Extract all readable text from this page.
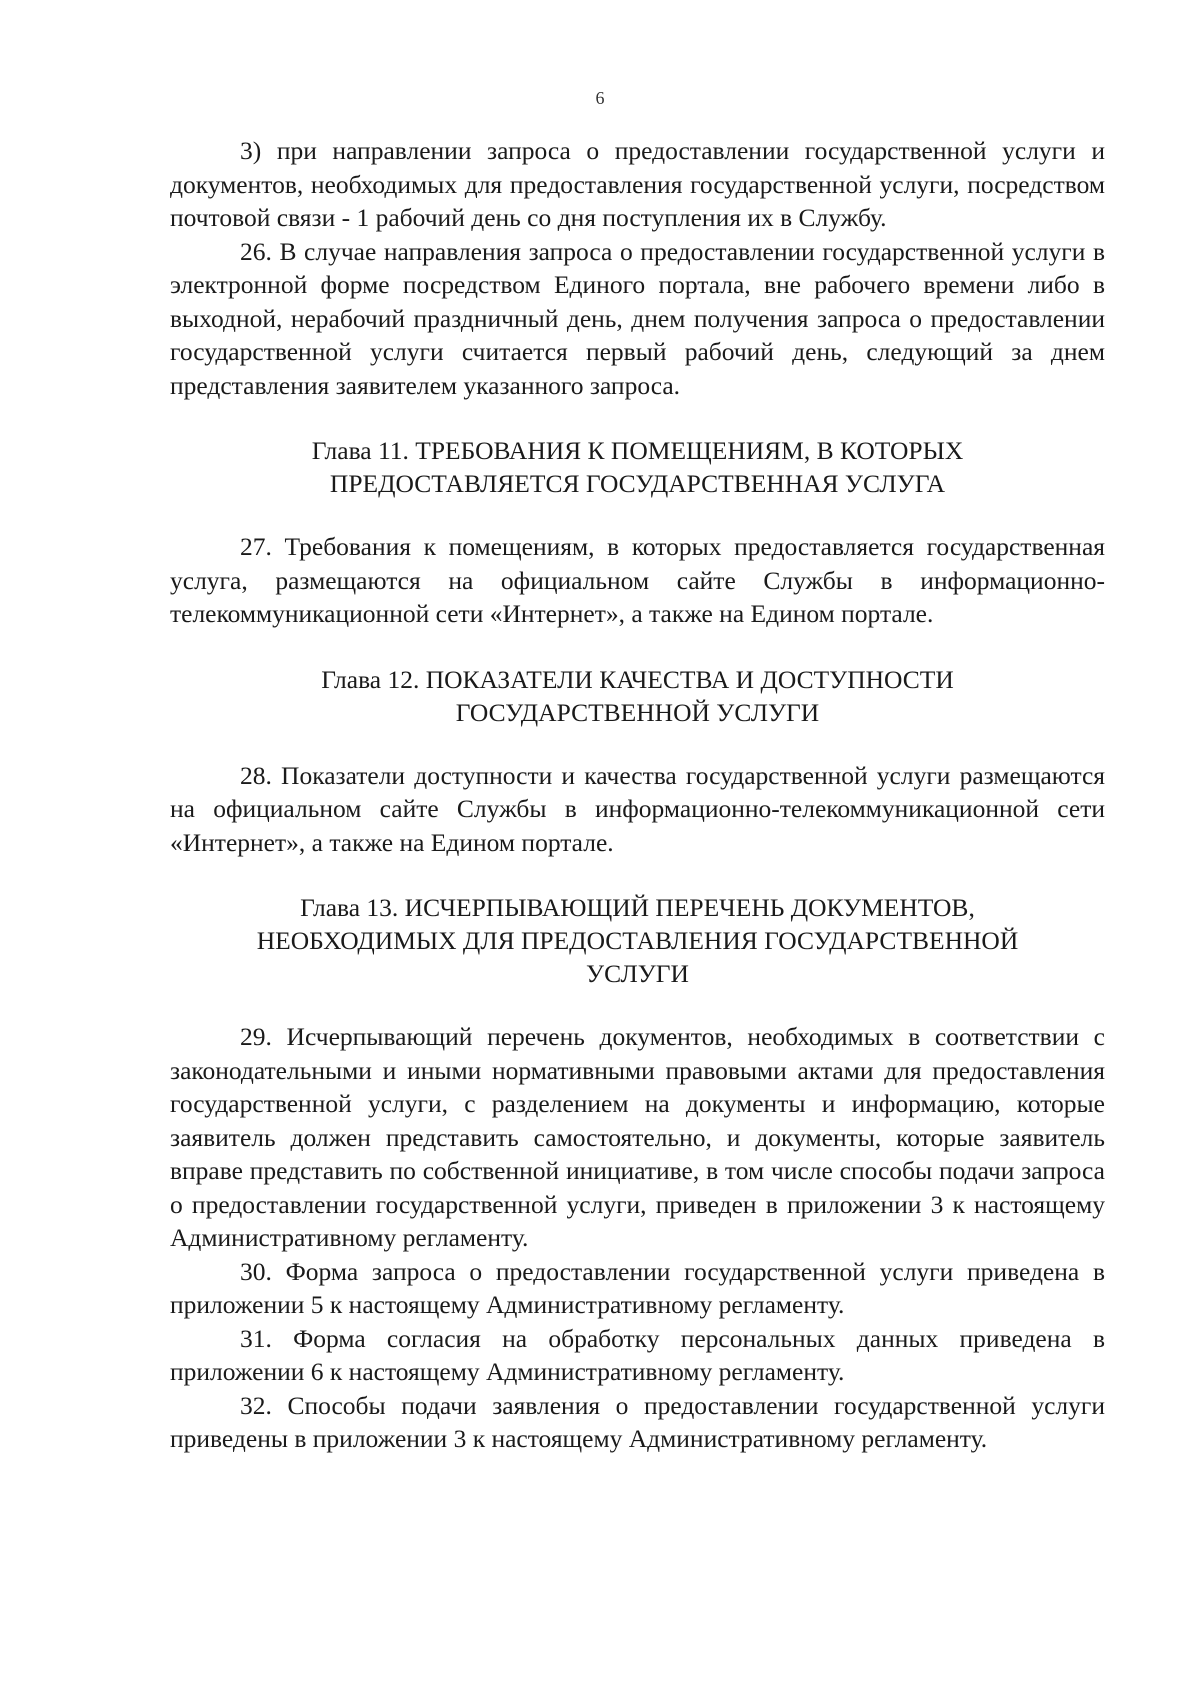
6

3) при направлении запроса о предоставлении государственной услуги и документов, необходимых для предоставления государственной услуги, посредством почтовой связи - 1 рабочий день со дня поступления их в Службу.

26. В случае направления запроса о предоставлении государственной услуги в электронной форме посредством Единого портала, вне рабочего времени либо в выходной, нерабочий праздничный день, днем получения запроса о предоставлении государственной услуги считается первый рабочий день, следующий за днем представления заявителем указанного запроса.

Глава 11. ТРЕБОВАНИЯ К ПОМЕЩЕНИЯМ, В КОТОРЫХ ПРЕДОСТАВЛЯЕТСЯ ГОСУДАРСТВЕННАЯ УСЛУГА

27. Требования к помещениям, в которых предоставляется государственная услуга, размещаются на официальном сайте Службы в информационно-телекоммуникационной сети «Интернет», а также на Едином портале.

Глава 12. ПОКАЗАТЕЛИ КАЧЕСТВА И ДОСТУПНОСТИ ГОСУДАРСТВЕННОЙ УСЛУГИ

28. Показатели доступности и качества государственной услуги размещаются на официальном сайте Службы в информационно-телекоммуникационной сети «Интернет», а также на Едином портале.

Глава 13. ИСЧЕРПЫВАЮЩИЙ ПЕРЕЧЕНЬ ДОКУМЕНТОВ, НЕОБХОДИМЫХ ДЛЯ ПРЕДОСТАВЛЕНИЯ ГОСУДАРСТВЕННОЙ УСЛУГИ

29. Исчерпывающий перечень документов, необходимых в соответствии с законодательными и иными нормативными правовыми актами для предоставления государственной услуги, с разделением на документы и информацию, которые заявитель должен представить самостоятельно, и документы, которые заявитель вправе представить по собственной инициативе, в том числе способы подачи запроса о предоставлении государственной услуги, приведен в приложении 3 к настоящему Административному регламенту.

30. Форма запроса о предоставлении государственной услуги приведена в приложении 5 к настоящему Административному регламенту.

31. Форма согласия на обработку персональных данных приведена в приложении 6 к настоящему Административному регламенту.

32. Способы подачи заявления о предоставлении государственной услуги приведены в приложении 3 к настоящему Административному регламенту.
